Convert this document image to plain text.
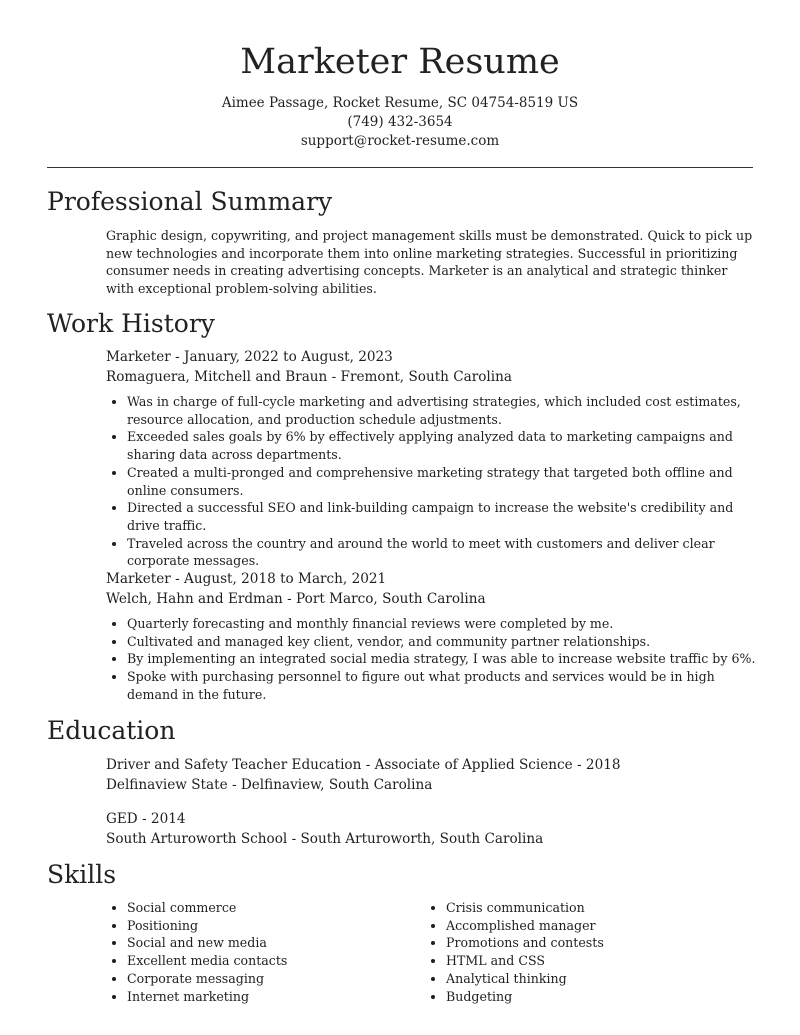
Marketer Resume
Aimee Passage, Rocket Resume, SC 04754-8519 US
(749) 432-3654
support@rocket-resume.com
Professional Summary
Graphic design, copywriting, and project management skills must be demonstrated. Quick to pick up new technologies and incorporate them into online marketing strategies. Successful in prioritizing consumer needs in creating advertising concepts. Marketer is an analytical and strategic thinker with exceptional problem-solving abilities.
Work History
Marketer - January, 2022 to August, 2023
Romaguera, Mitchell and Braun - Fremont, South Carolina
Was in charge of full-cycle marketing and advertising strategies, which included cost estimates, resource allocation, and production schedule adjustments.
Exceeded sales goals by 6% by effectively applying analyzed data to marketing campaigns and sharing data across departments.
Created a multi-pronged and comprehensive marketing strategy that targeted both offline and online consumers.
Directed a successful SEO and link-building campaign to increase the website's credibility and drive traffic.
Traveled across the country and around the world to meet with customers and deliver clear corporate messages.
Marketer - August, 2018 to March, 2021
Welch, Hahn and Erdman - Port Marco, South Carolina
Quarterly forecasting and monthly financial reviews were completed by me.
Cultivated and managed key client, vendor, and community partner relationships.
By implementing an integrated social media strategy, I was able to increase website traffic by 6%.
Spoke with purchasing personnel to figure out what products and services would be in high demand in the future.
Education
Driver and Safety Teacher Education - Associate of Applied Science - 2018
Delfinaview State - Delfinaview, South Carolina
GED - 2014
South Arturoworth School - South Arturoworth, South Carolina
Skills
Social commerce
Positioning
Social and new media
Excellent media contacts
Corporate messaging
Internet marketing
Crisis communication
Accomplished manager
Promotions and contests
HTML and CSS
Analytical thinking
Budgeting
